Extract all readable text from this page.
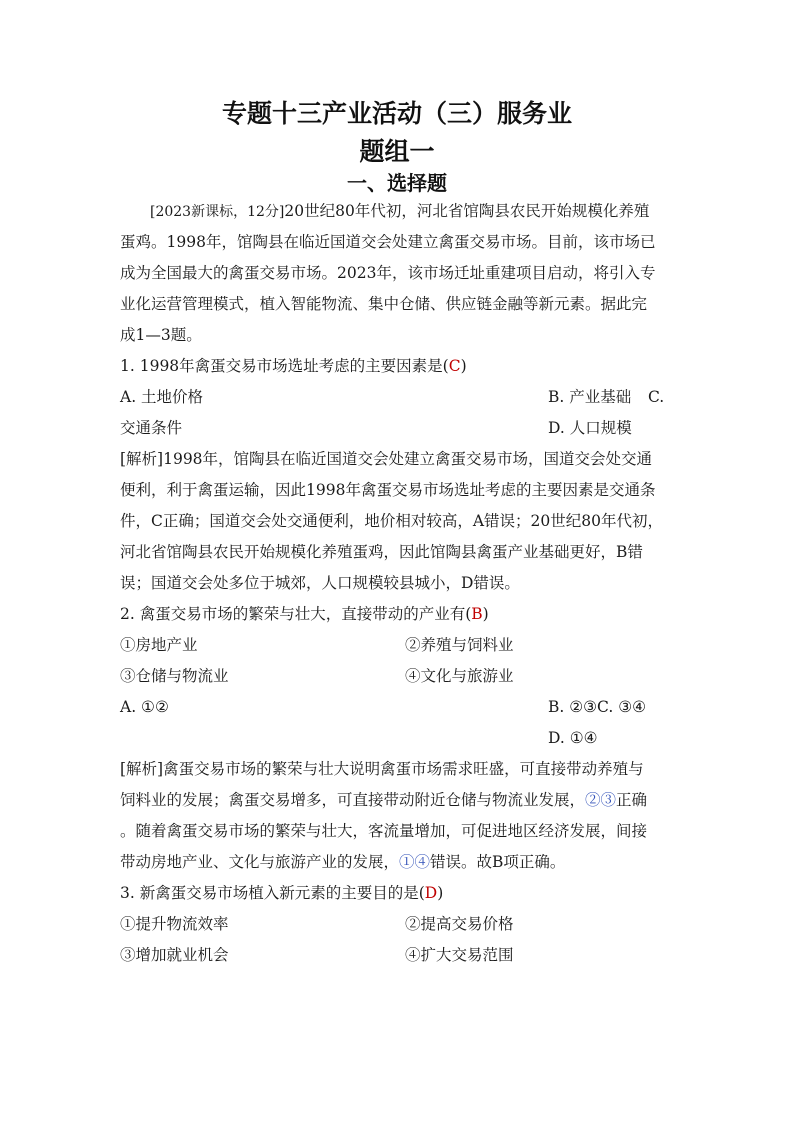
专题十三产业活动（三）服务业
题组一
一、选择题
[2023新课标，12分]20世纪80年代初，河北省馆陶县农民开始规模化养殖
蛋鸡。1998年，馆陶县在临近国道交会处建立禽蛋交易市场。目前，该市场已
成为全国最大的禽蛋交易市场。2023年，该市场迁址重建项目启动，将引入专
业化运营管理模式，植入智能物流、集中仓储、供应链金融等新元素。据此完
成1—3题。
1. 1998年禽蛋交易市场选址考虑的主要因素是(C)
A. 土地价格	B. 产业基础 C.
交通条件	D. 人口规模
[解析]1998年，馆陶县在临近国道交会处建立禽蛋交易市场，国道交会处交通
便利，利于禽蛋运输，因此1998年禽蛋交易市场选址考虑的主要因素是交通条
件，C正确；国道交会处交通便利，地价相对较高，A错误；20世纪80年代初，
河北省馆陶县农民开始规模化养殖蛋鸡，因此馆陶县禽蛋产业基础更好，B错
误；国道交会处多位于城郊，人口规模较县城小，D错误。
2. 禽蛋交易市场的繁荣与壮大，直接带动的产业有(B)
①房地产业	②养殖与饲料业
③仓储与物流业	④文化与旅游业
A. ①②	B. ②③C. ③④
D. ①④
[解析]禽蛋交易市场的繁荣与壮大说明禽蛋市场需求旺盛，可直接带动养殖与
饲料业的发展；禽蛋交易增多，可直接带动附近仓储与物流业发展，②③正确
。随着禽蛋交易市场的繁荣与壮大，客流量增加，可促进地区经济发展，间接
带动房地产业、文化与旅游产业的发展，①④错误。故B项正确。
3. 新禽蛋交易市场植入新元素的主要目的是(D)
①提升物流效率	②提高交易价格
③增加就业机会	④扩大交易范围
